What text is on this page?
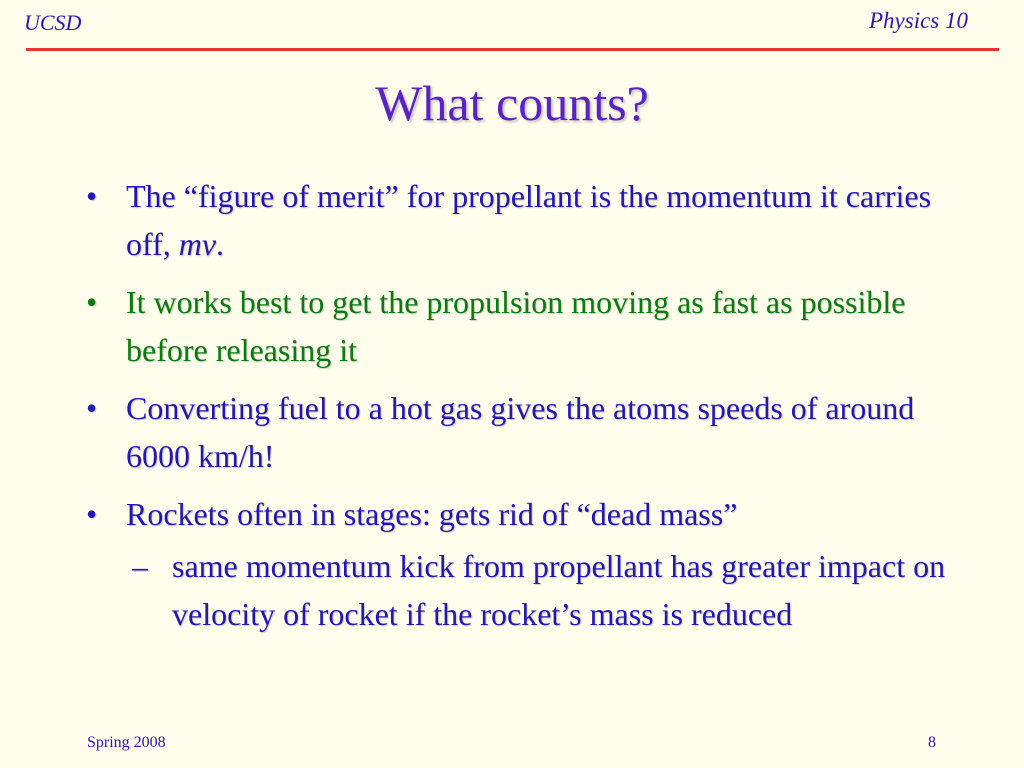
UCSD	Physics 10
What counts?
• The “figure of merit” for propellant is the momentum it carries off, mv.
• It works best to get the propulsion moving as fast as possible before releasing it
• Converting fuel to a hot gas gives the atoms speeds of around 6000 km/h!
• Rockets often in stages: gets rid of “dead mass”
– same momentum kick from propellant has greater impact on velocity of rocket if the rocket’s mass is reduced
Spring 2008	8
